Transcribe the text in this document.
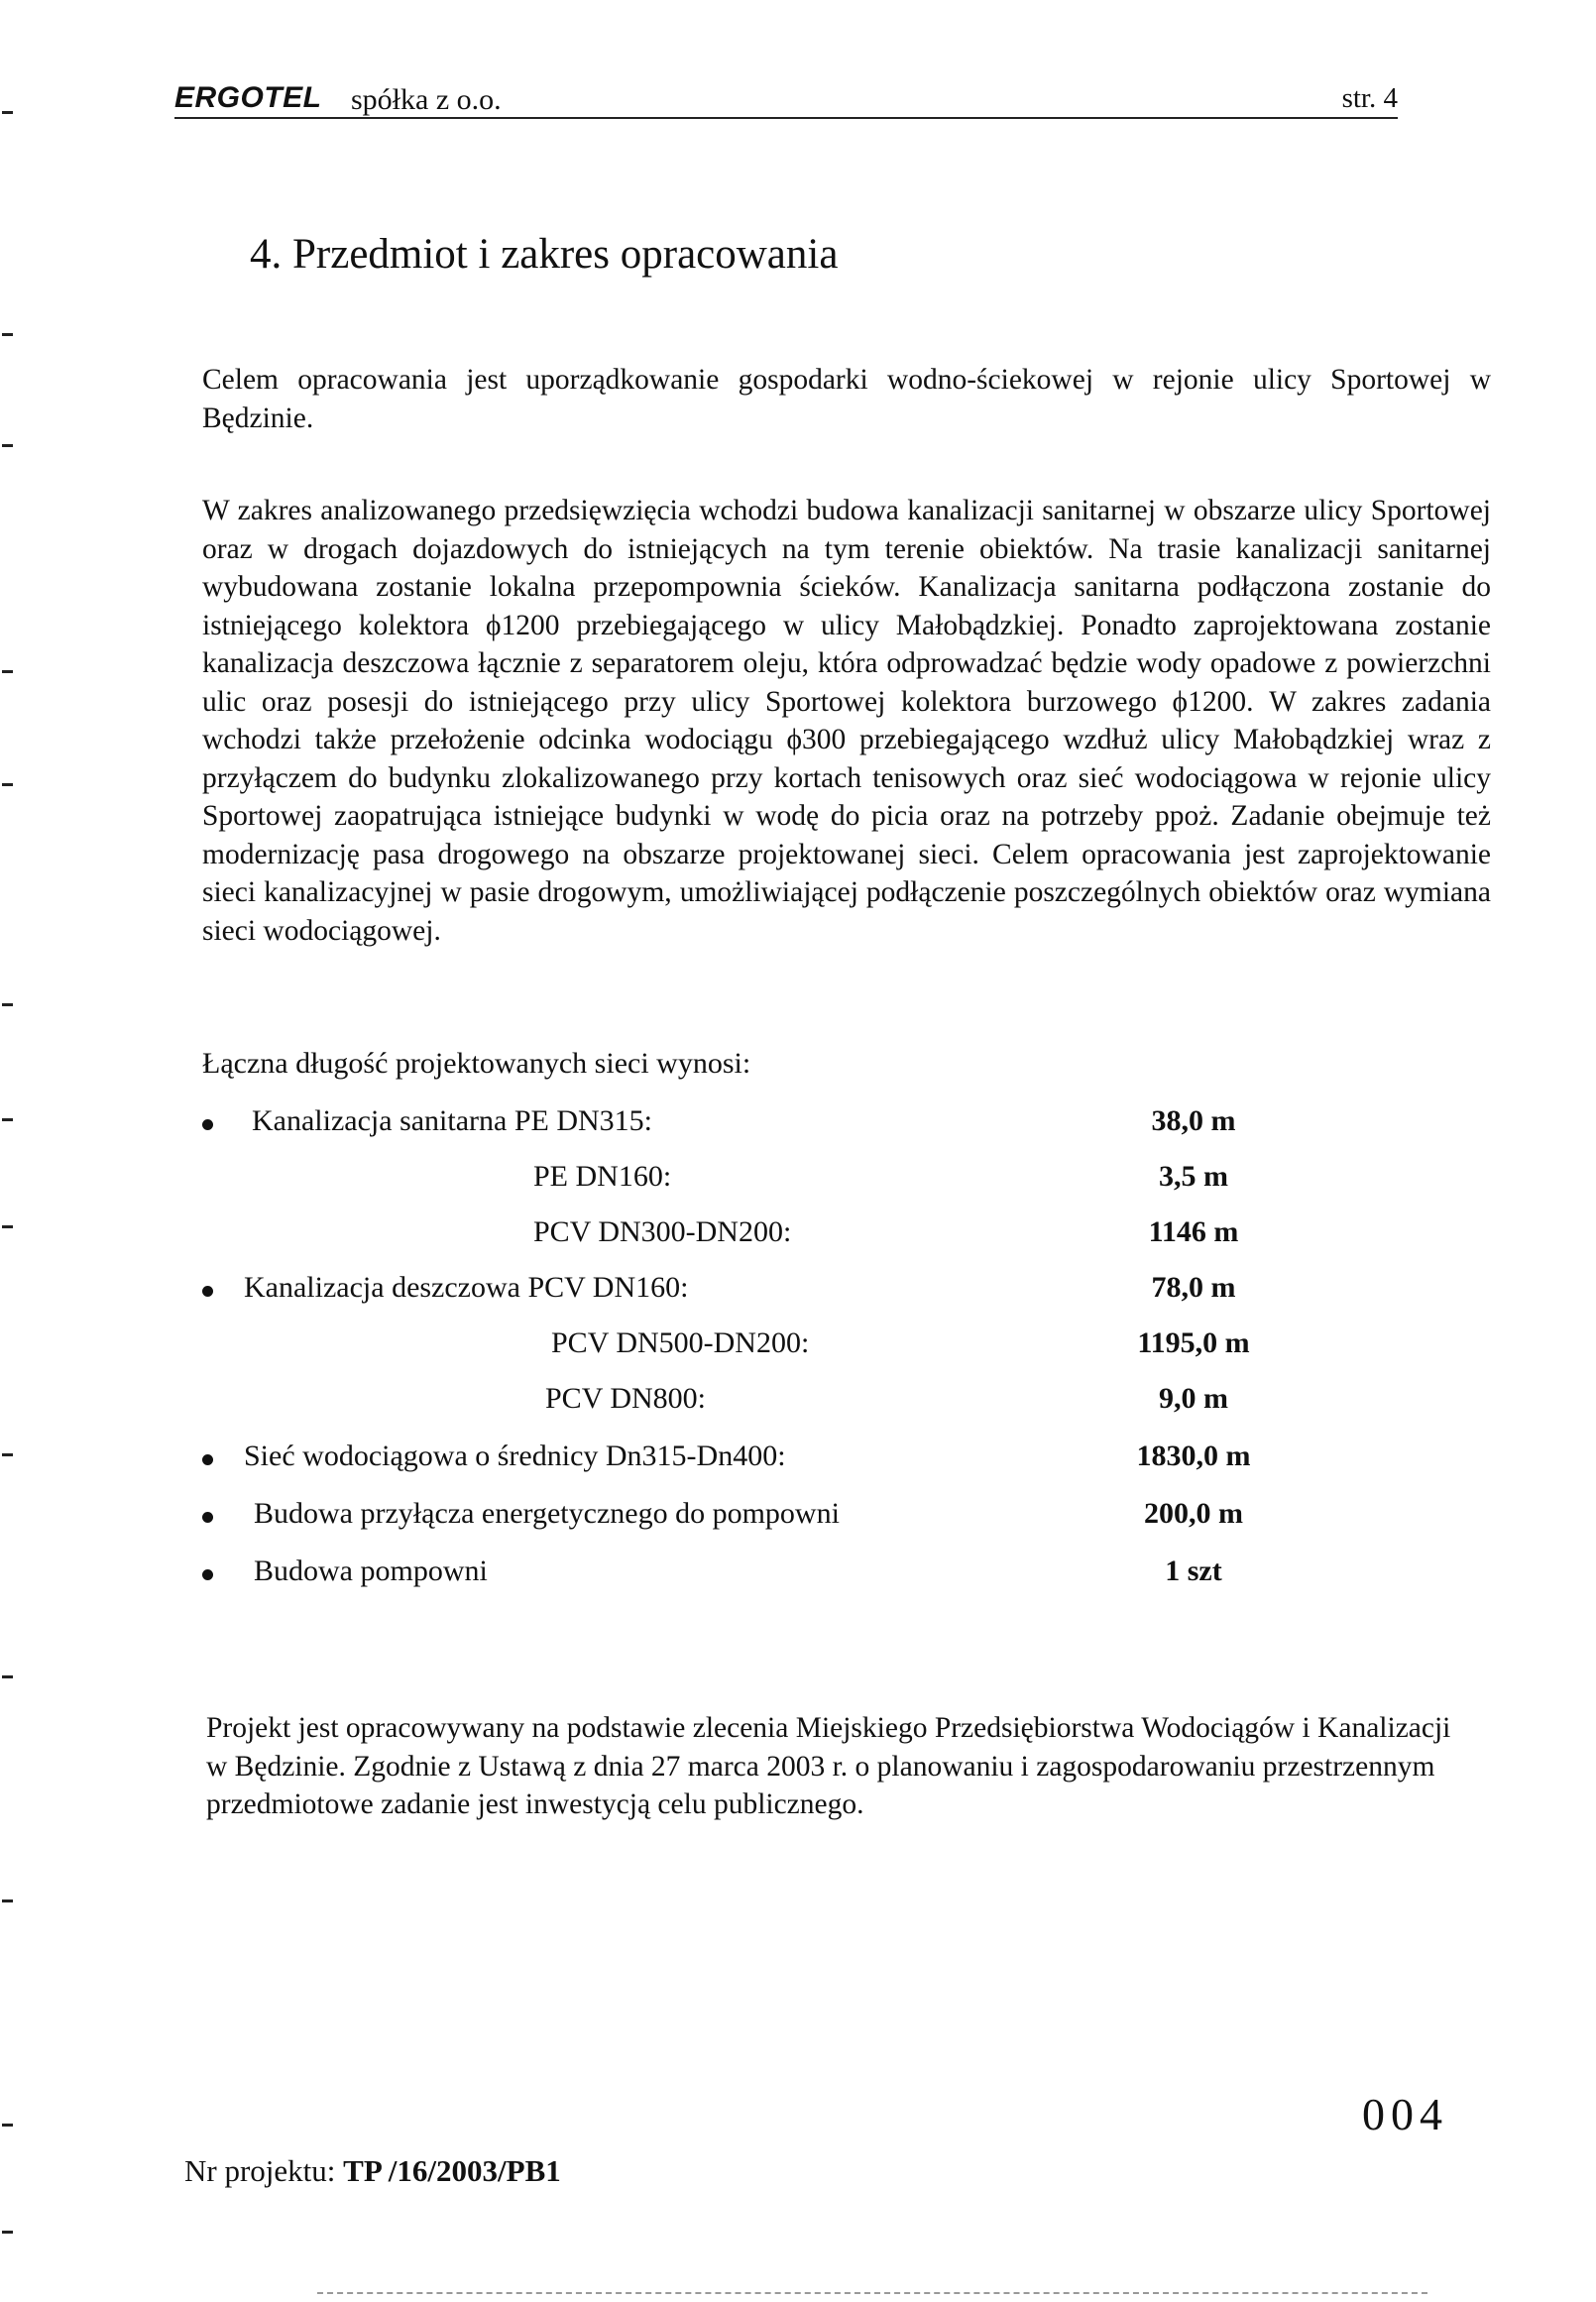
ERGOTEL spółka z o.o.	str. 4
4. Przedmiot i zakres opracowania

Celem opracowania jest uporządkowanie gospodarki wodno-ściekowej w rejonie ulicy Sportowej w Będzinie.

W zakres analizowanego przedsięwzięcia wchodzi budowa kanalizacji sanitarnej w obszarze ulicy Sportowej oraz w drogach dojazdowych do istniejących na tym terenie obiektów. Na trasie kanalizacji sanitarnej wybudowana zostanie lokalna przepompownia ścieków. Kanalizacja sanitarna podłączona zostanie do istniejącego kolektora ϕ1200 przebiegającego w ulicy Małobądzkiej. Ponadto zaprojektowana zostanie kanalizacja deszczowa łącznie z separatorem oleju, która odprowadzać będzie wody opadowe z powierzchni ulic oraz posesji do istniejącego przy ulicy Sportowej kolektora burzowego ϕ1200. W zakres zadania wchodzi także przełożenie odcinka wodociągu ϕ300 przebiegającego wzdłuż ulicy Małobądzkiej wraz z przyłączem do budynku zlokalizowanego przy kortach tenisowych oraz sieć wodociągowa w rejonie ulicy Sportowej zaopatrująca istniejące budynki w wodę do picia oraz na potrzeby ppoż. Zadanie obejmuje też modernizację pasa drogowego na obszarze projektowanej sieci. Celem opracowania jest zaprojektowanie sieci kanalizacyjnej w pasie drogowym, umożliwiającej podłączenie poszczególnych obiektów oraz wymiana sieci wodociągowej.

Łączna długość projektowanych sieci wynosi:

Kanalizacja sanitarna PE DN315:	38,0 m
PE DN160:	3,5 m
PCV DN300-DN200:	1146 m
Kanalizacja deszczowa PCV DN160:	78,0 m
PCV DN500-DN200:	1195,0 m
PCV DN800:	9,0 m
Sieć wodociągowa o średnicy Dn315-Dn400:	1830,0 m
Budowa przyłącza energetycznego do pompowni	200,0 m
Budowa pompowni	1 szt

Projekt jest opracowywany na podstawie zlecenia Miejskiego Przedsiębiorstwa Wodociągów i Kanalizacji w Będzinie. Zgodnie z Ustawą z dnia 27 marca 2003 r. o planowaniu i zagospodarowaniu przestrzennym przedmiotowe zadanie jest inwestycją celu publicznego.

004
Nr projektu: TP /16/2003/PB1
